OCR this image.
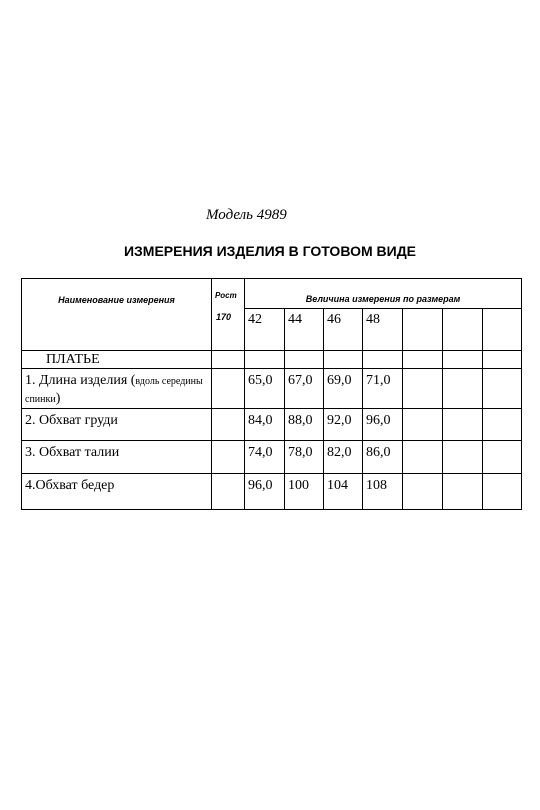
Модель 4989
ИЗМЕРЕНИЯ ИЗДЕЛИЯ В ГОТОВОМ ВИДЕ
Наименование измерения	Рост	Величина измерения по размерам						
	170	42	44	46	48			
ПЛАТЬЕ								
1. Длина изделия (вдоль середины спинки)		65,0	67,0	69,0	71,0			
2. Обхват груди		84,0	88,0	92,0	96,0			
3. Обхват талии		74,0	78,0	82,0	86,0			
4.Обхват бедер		96,0	100	104	108			
